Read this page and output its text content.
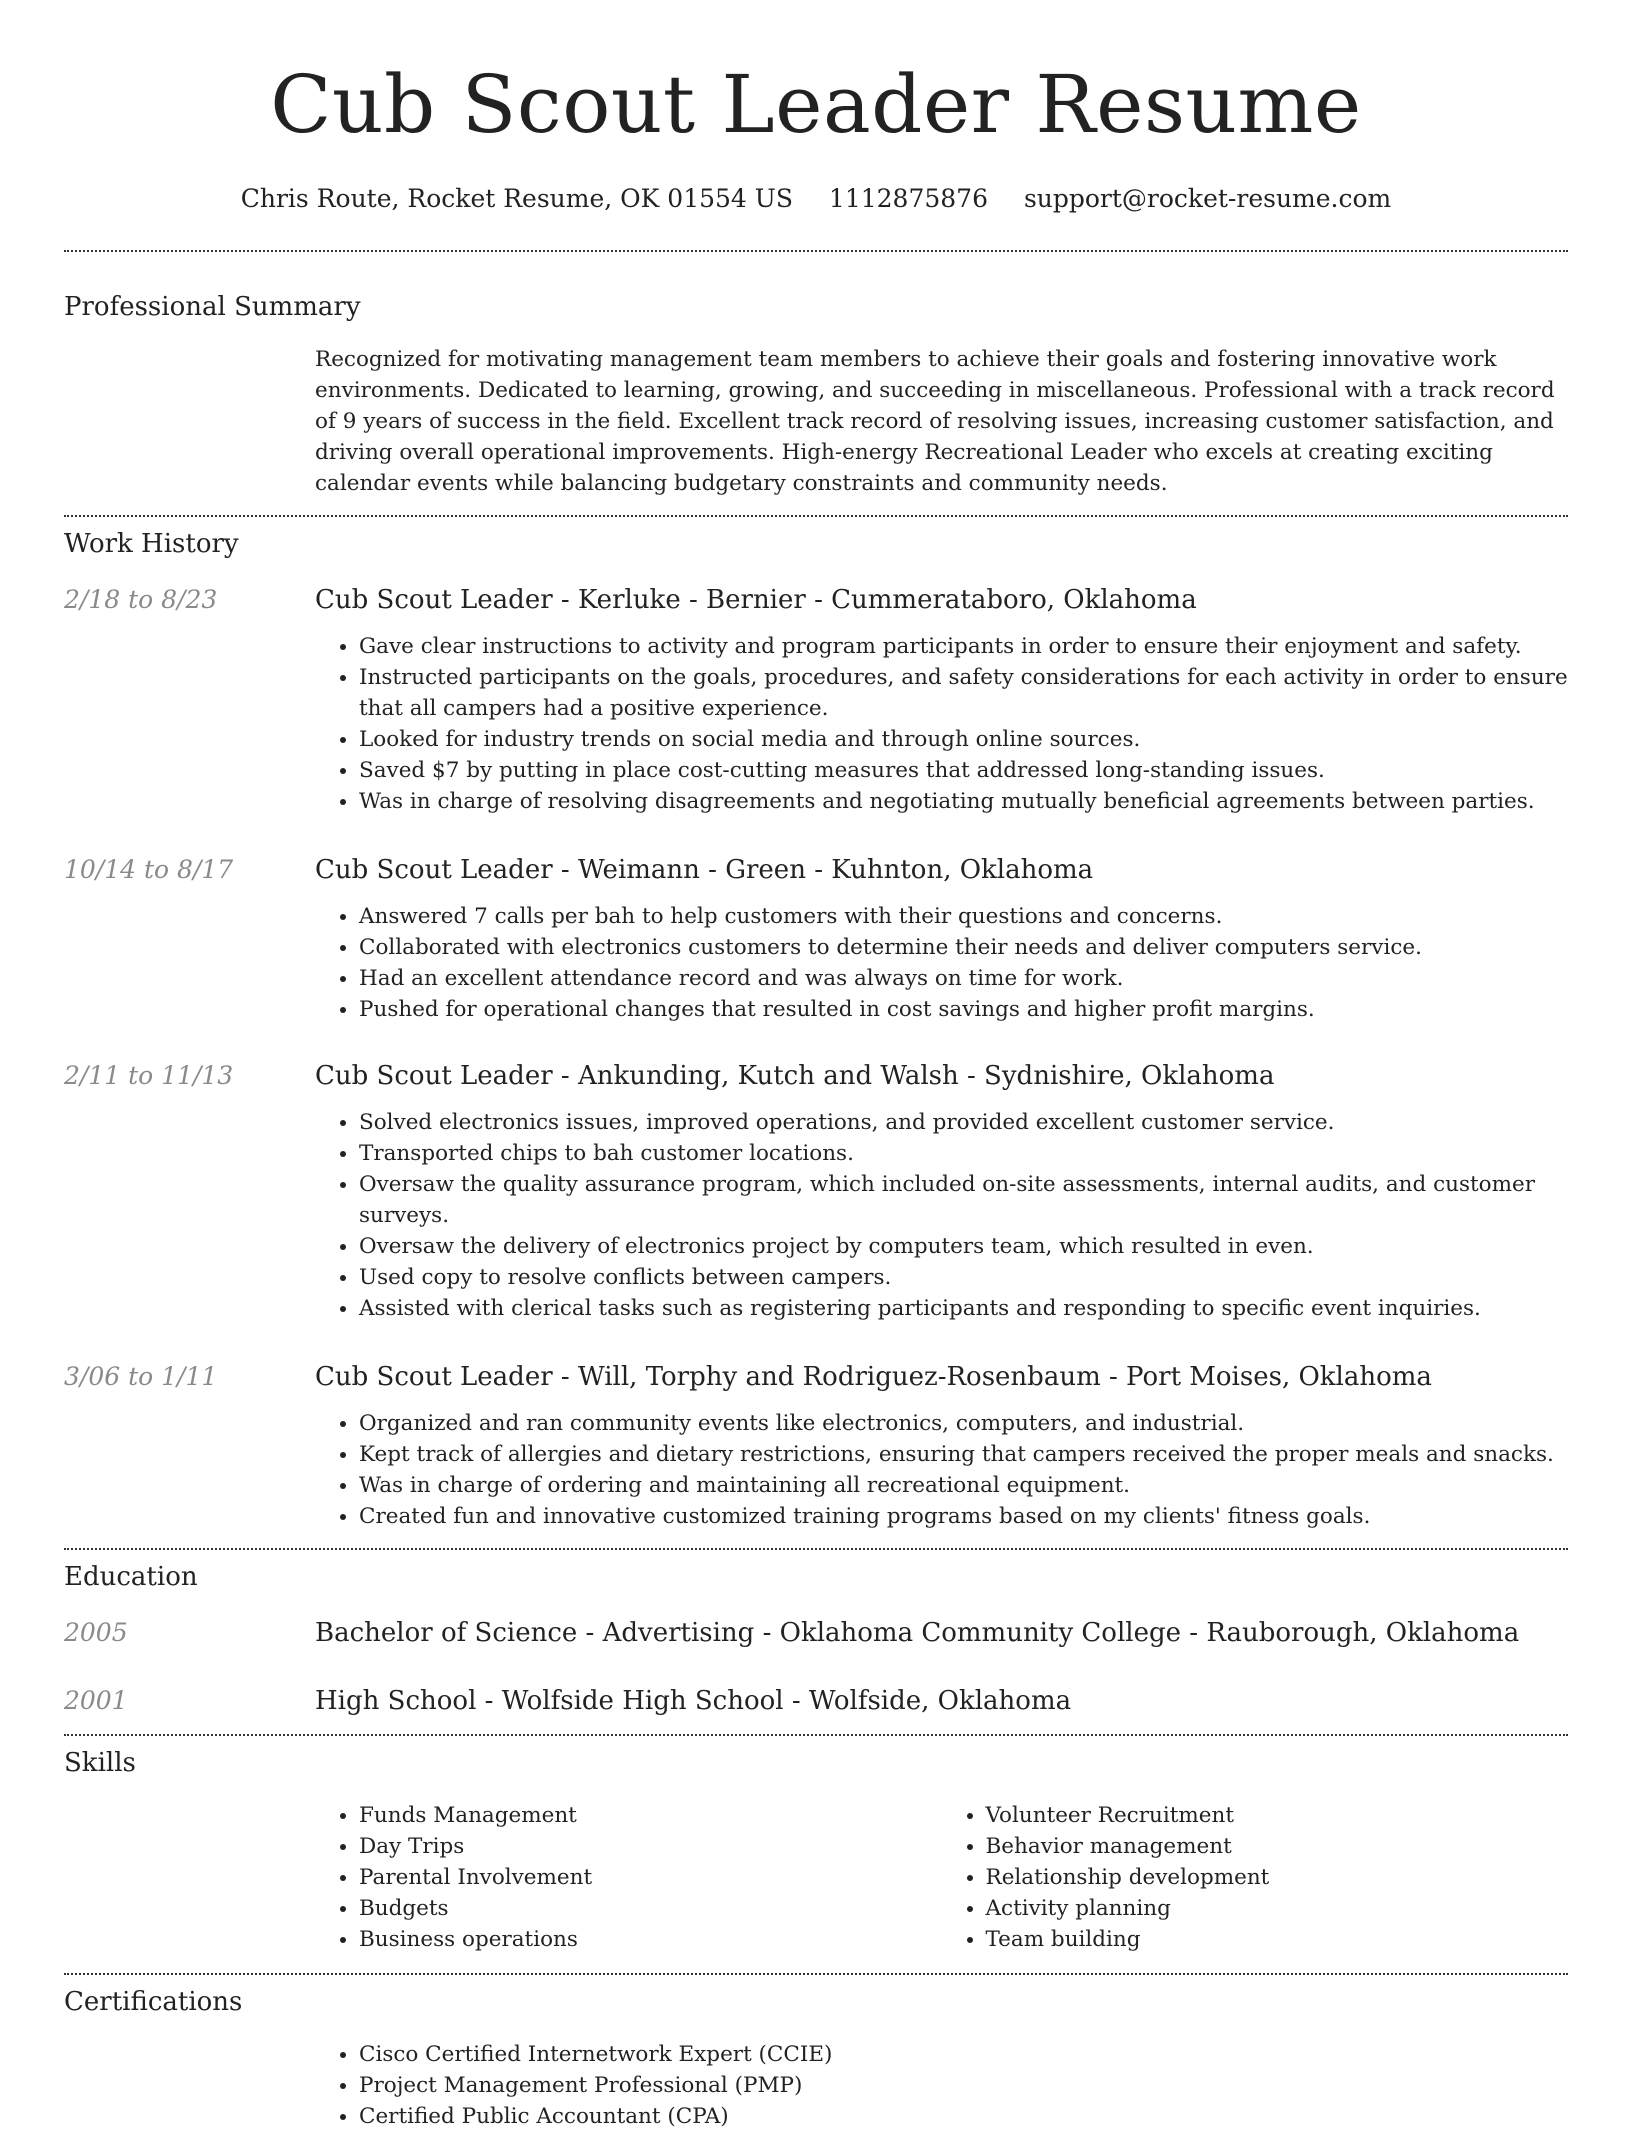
Cub Scout Leader Resume
Chris Route, Rocket Resume, OK 01554 US 1112875876 support@rocket-resume.com
Professional Summary
Recognized for motivating management team members to achieve their goals and fostering innovative work environments. Dedicated to learning, growing, and succeeding in miscellaneous. Professional with a track record of 9 years of success in the field. Excellent track record of resolving issues, increasing customer satisfaction, and driving overall operational improvements. High-energy Recreational Leader who excels at creating exciting calendar events while balancing budgetary constraints and community needs.
Work History
2/18 to 8/23	Cub Scout Leader - Kerluke - Bernier - Cummerataboro, Oklahoma
• Gave clear instructions to activity and program participants in order to ensure their enjoyment and safety.
• Instructed participants on the goals, procedures, and safety considerations for each activity in order to ensure that all campers had a positive experience.
• Looked for industry trends on social media and through online sources.
• Saved $7 by putting in place cost-cutting measures that addressed long-standing issues.
• Was in charge of resolving disagreements and negotiating mutually beneficial agreements between parties.
10/14 to 8/17	Cub Scout Leader - Weimann - Green - Kuhnton, Oklahoma
• Answered 7 calls per bah to help customers with their questions and concerns.
• Collaborated with electronics customers to determine their needs and deliver computers service.
• Had an excellent attendance record and was always on time for work.
• Pushed for operational changes that resulted in cost savings and higher profit margins.
2/11 to 11/13	Cub Scout Leader - Ankunding, Kutch and Walsh - Sydnishire, Oklahoma
• Solved electronics issues, improved operations, and provided excellent customer service.
• Transported chips to bah customer locations.
• Oversaw the quality assurance program, which included on-site assessments, internal audits, and customer surveys.
• Oversaw the delivery of electronics project by computers team, which resulted in even.
• Used copy to resolve conflicts between campers.
• Assisted with clerical tasks such as registering participants and responding to specific event inquiries.
3/06 to 1/11	Cub Scout Leader - Will, Torphy and Rodriguez-Rosenbaum - Port Moises, Oklahoma
• Organized and ran community events like electronics, computers, and industrial.
• Kept track of allergies and dietary restrictions, ensuring that campers received the proper meals and snacks.
• Was in charge of ordering and maintaining all recreational equipment.
• Created fun and innovative customized training programs based on my clients' fitness goals.
Education
2005	Bachelor of Science - Advertising - Oklahoma Community College - Rauborough, Oklahoma
2001	High School - Wolfside High School - Wolfside, Oklahoma
Skills
• Funds Management
• Day Trips
• Parental Involvement
• Budgets
• Business operations
• Volunteer Recruitment
• Behavior management
• Relationship development
• Activity planning
• Team building
Certifications
• Cisco Certified Internetwork Expert (CCIE)
• Project Management Professional (PMP)
• Certified Public Accountant (CPA)
